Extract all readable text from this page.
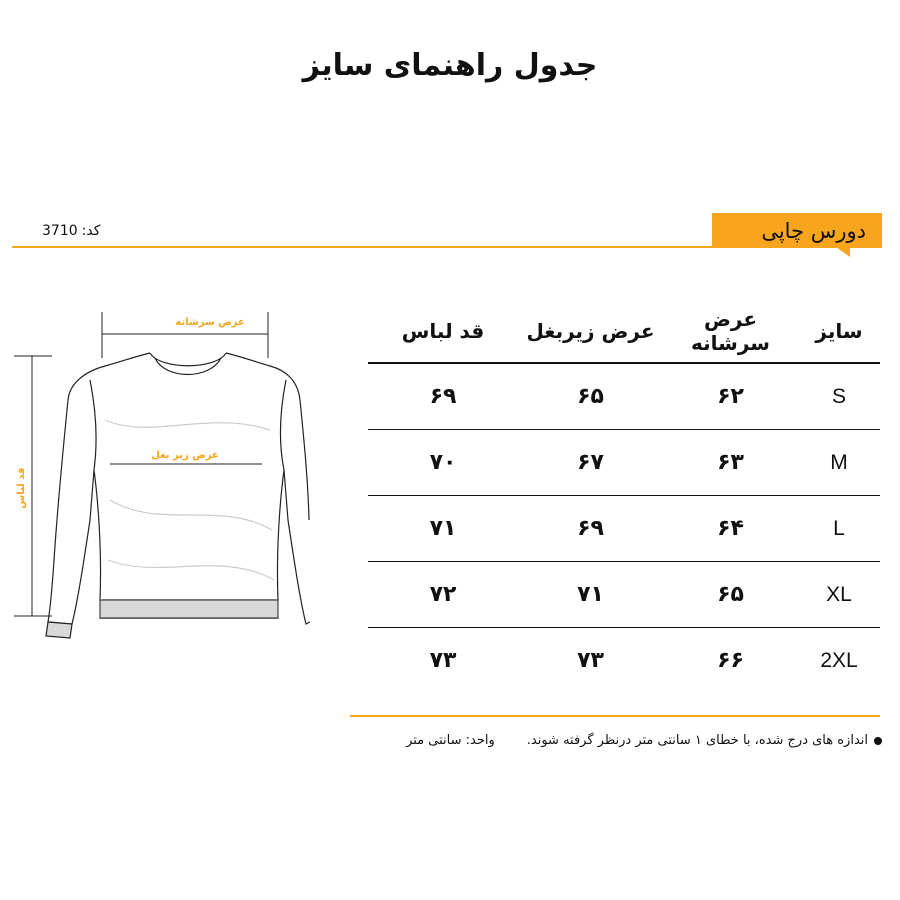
جدول راهنمای سایز
دورس چاپی
کد:3710
عرض سرشانه
عرض زیر بغل
قد لباس
سایز
عرض سرشانه
عرض زیربغل
قد لباس
S
۶۲
۶۵
۶۹
M
۶۳
۶۷
۷۰
L
۶۴
۶۹
۷۱
XL
۶۵
۷۱
۷۲
2XL
۶۶
۷۳
۷۳
اندازه های درج شده، با خطای ۱ سانتی متر درنظر گرفته شوند.واحد: سانتی متر
